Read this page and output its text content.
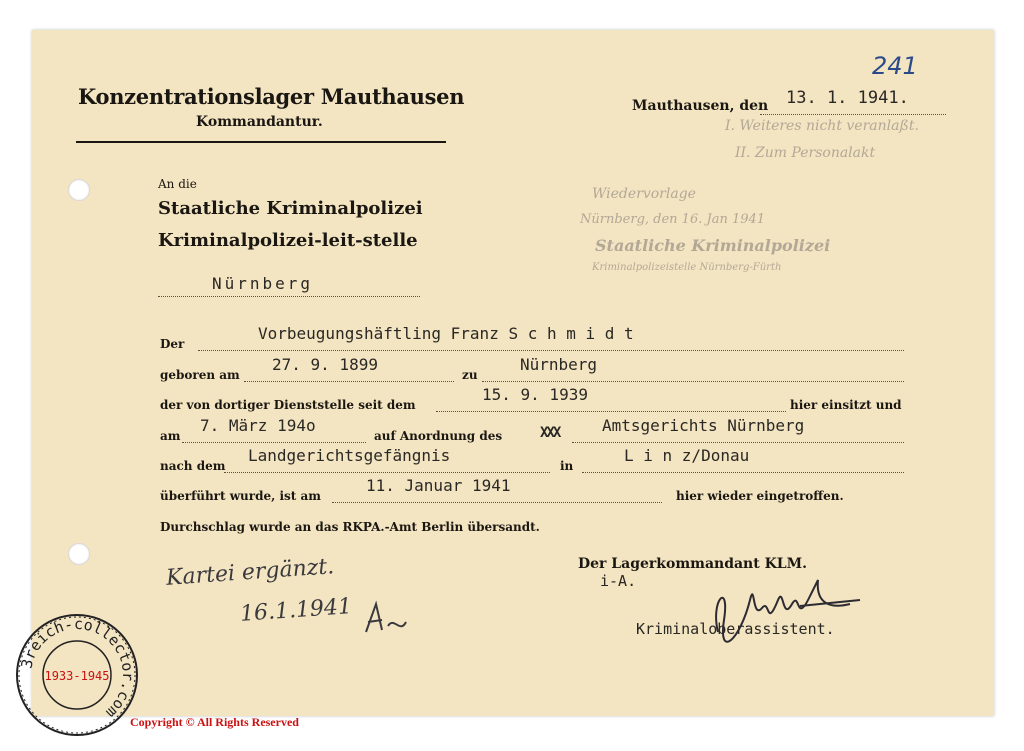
I. Weiteres nicht veranlaßt.
II. Zum Personalakt
Wiedervorlage
Nürnberg, den 16. Jan 1941
Staatliche Kriminalpolizei
Kriminalpolizeistelle Nürnberg-Fürth
Konzentrationslager Mauthausen
Kommandantur.
Mauthausen, den 13. 1. 1941.
241
An die
Staatliche Kriminalpolizei
Kriminalpolizei-leit-stelle
Nürnberg
Der
Vorbeugungshäftling Franz S c h m i d t
geboren am
27. 9. 1899
zu
Nürnberg
der von dortiger Dienststelle seit dem
15. 9. 1939
hier einsitzt und
am
7. März 194o
auf Anordnung des	XXX	Amtsgerichts Nürnberg
nach dem
Landgerichtsgefängnis
in
L i n z/Donau
überführt wurde, ist am
11. Januar 1941
hier wieder eingetroffen.
Durchschlag wurde an das RKPA.-Amt Berlin übersandt.
Der Lagerkommandant KLM.
i-A.
Kriminaloberassistent.
Kartei ergänzt.
16.1.1941
3reich-collector.com
1933-1945
Copyright © All Rights Reserved
